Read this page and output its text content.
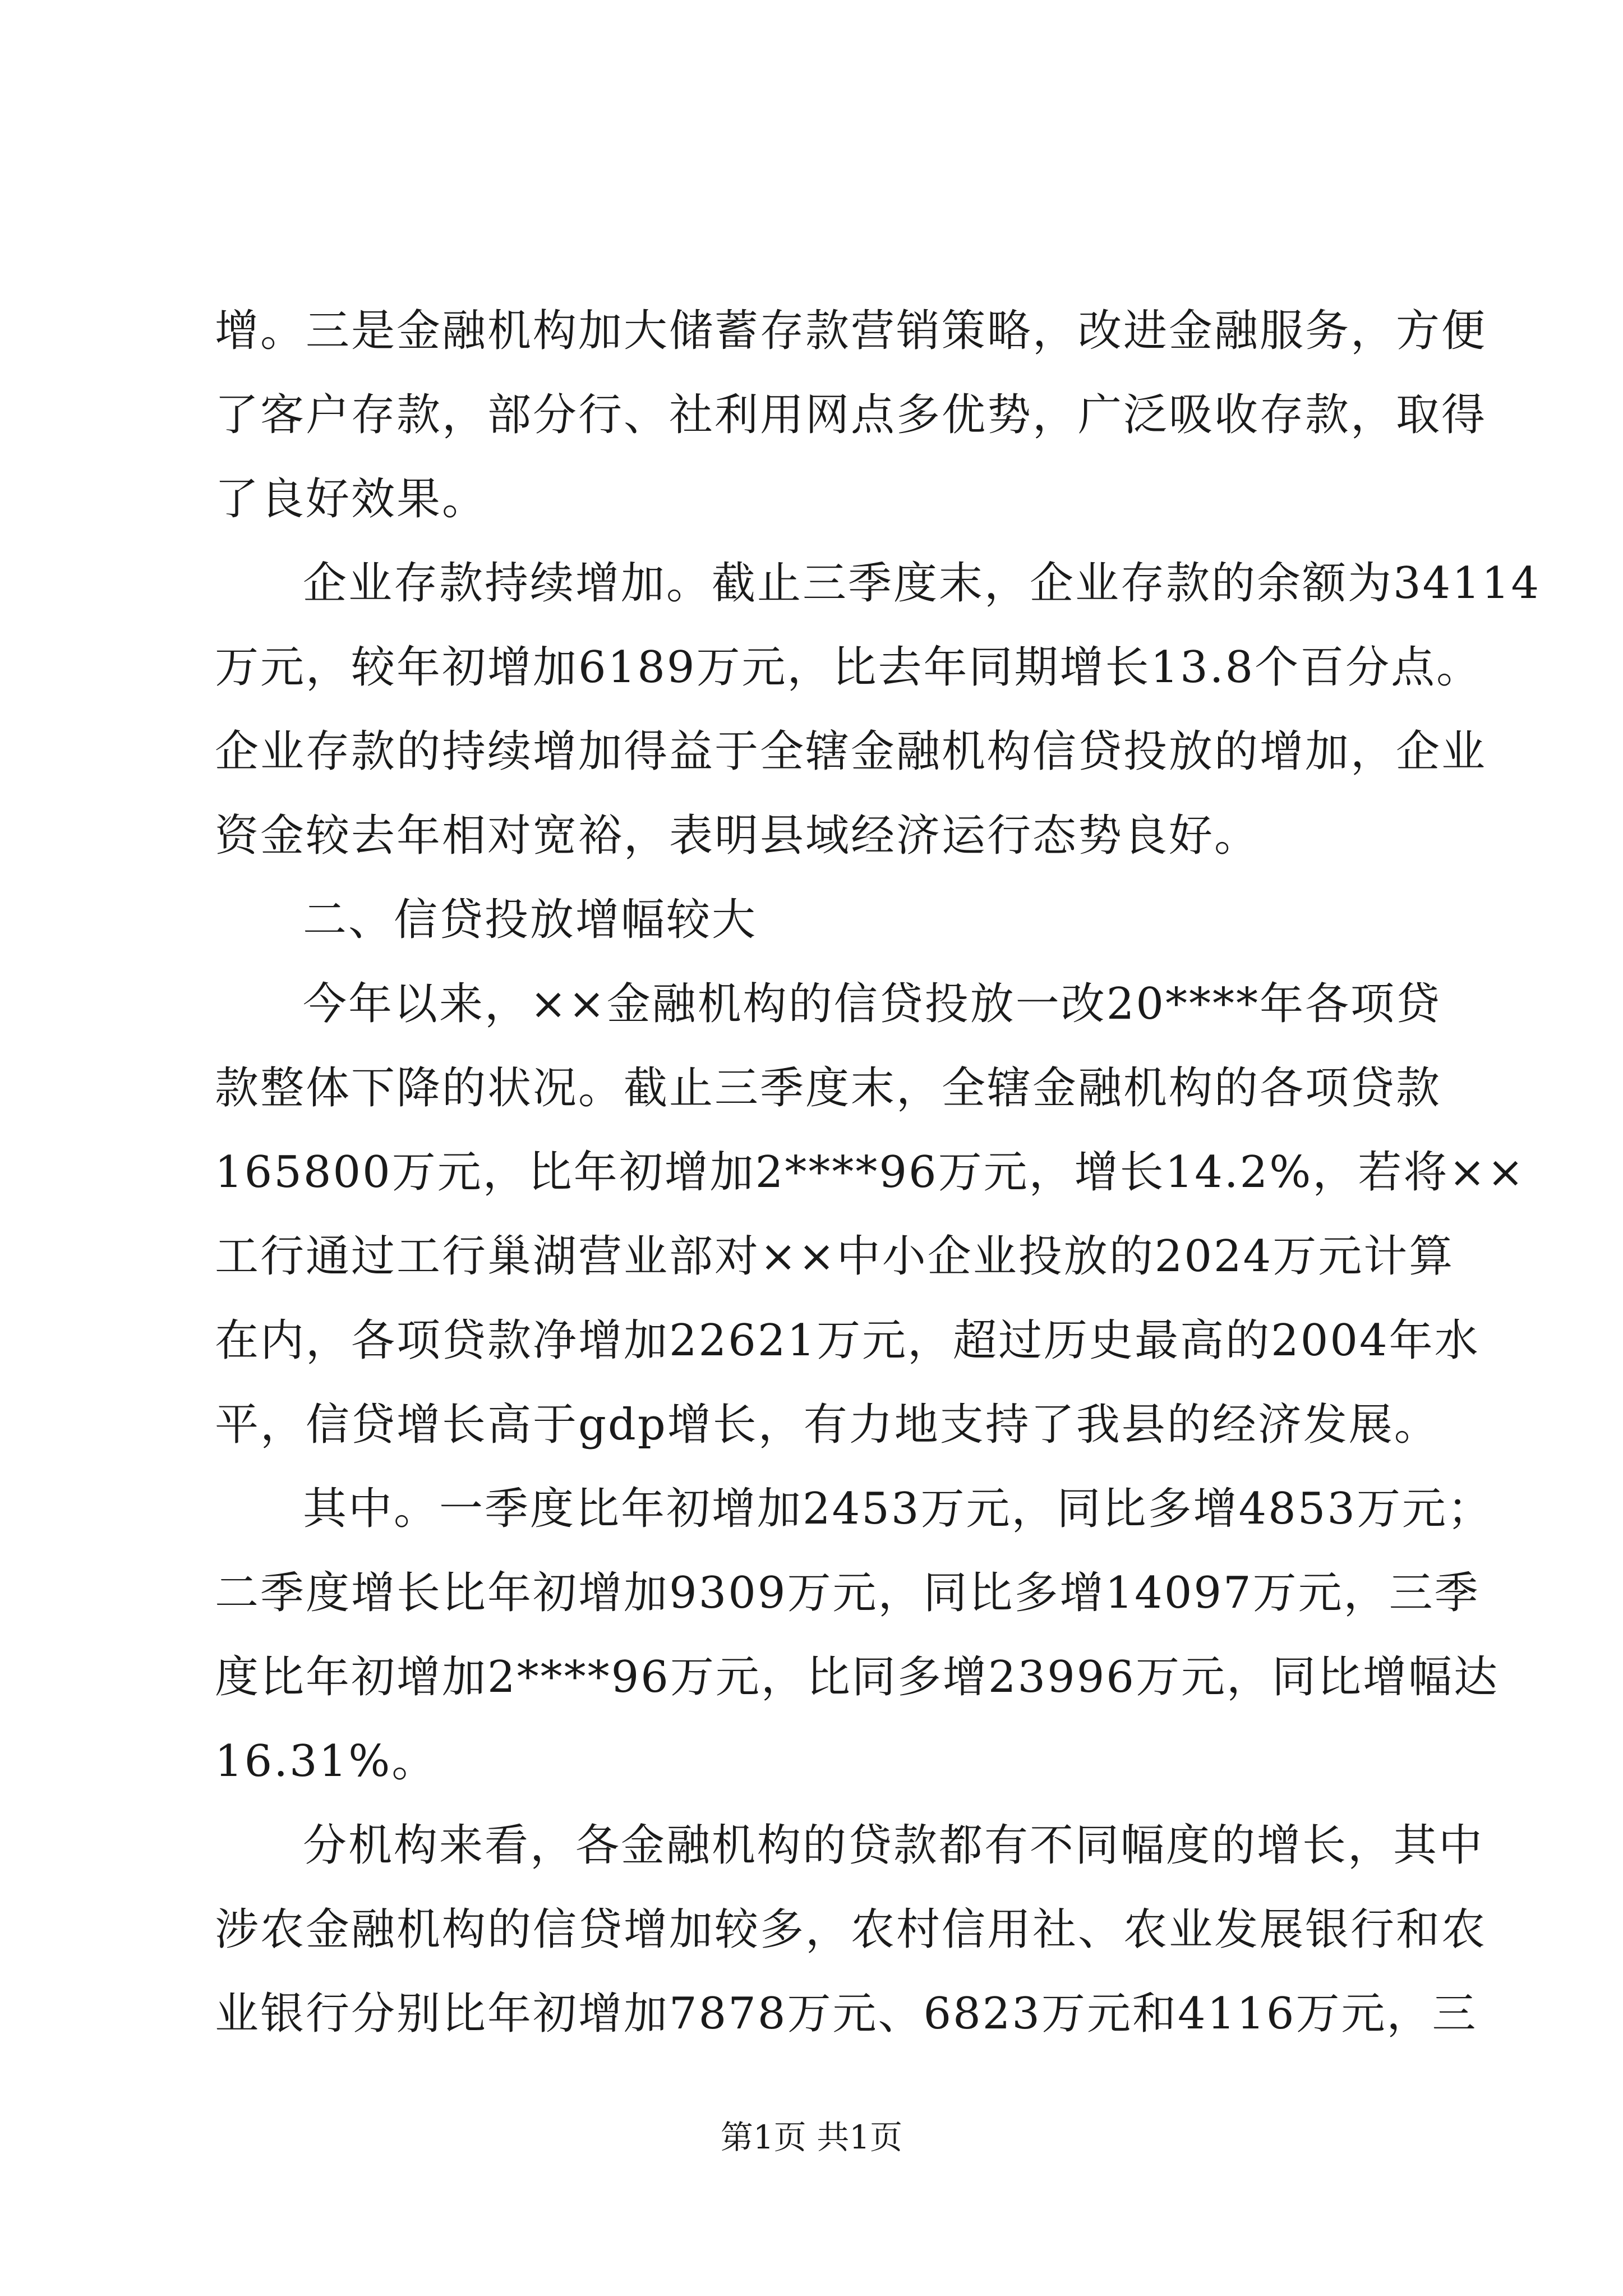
增。三是金融机构加大储蓄存款营销策略，改进金融服务，方便
了客户存款，部分行、社利用网点多优势，广泛吸收存款，取得
了良好效果。
企业存款持续增加。截止三季度末，企业存款的余额为34114
万元，较年初增加6189万元，比去年同期增长13.8个百分点。
企业存款的持续增加得益于全辖金融机构信贷投放的增加，企业
资金较去年相对宽裕，表明县域经济运行态势良好。
二、信贷投放增幅较大
今年以来，××金融机构的信贷投放一改20****年各项贷
款整体下降的状况。截止三季度末，全辖金融机构的各项贷款
165800万元，比年初增加2****96万元，增长14.2%，若将××
工行通过工行巢湖营业部对××中小企业投放的2024万元计算
在内，各项贷款净增加22621万元，超过历史最高的2004年水
平，信贷增长高于gdp增长，有力地支持了我县的经济发展。
其中。一季度比年初增加2453万元，同比多增4853万元；
二季度增长比年初增加9309万元，同比多增14097万元，三季
度比年初增加2****96万元，比同多增23996万元，同比增幅达
16.31%。
分机构来看，各金融机构的贷款都有不同幅度的增长，其中
涉农金融机构的信贷增加较多，农村信用社、农业发展银行和农
业银行分别比年初增加7878万元、6823万元和4116万元，三
第1页 共1页
